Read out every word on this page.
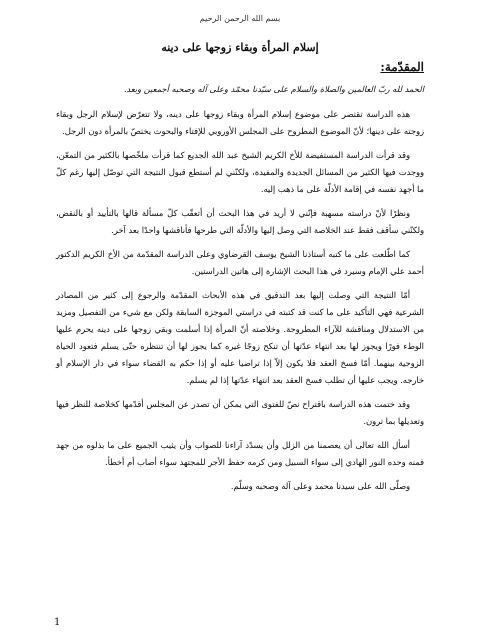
بسم الله الرحمن الرحيم
إسلام المرأة وبقاء زوجها على دينه
المقدّمة:

الحمد لله ربّ العالمين والصلاة والسلام على سيّدنا محمّد وعلى آله وصحبه أجمعين وبعد.

هذه الدراسة تقتصر على موضوع إسلام المرأة وبقاء زوجها على دينه، ولا تتعرّض لإسلام الرجل وبقاء زوجته على دينها؛ لأنّ الموضوع المطروح على المجلس الأوروبي للإفتاء والبحوث يختصّ بالمرأة دون الرجل.

وقد قرأت الدراسة المستفيضة للأخ الكريم الشيخ عبد الله الجديع كما قرأت ملخّصها بالكثير من التمعّن، ووجدت فيها الكثير من المسائل الجديدة والمفيدة، ولكنّني لم أستطع قبول النتيجة التي توصّل إليها رغم كلّ ما أجهد نفسه في إقامة الأدلّة على ما ذهب إليه.

ونظرًا لأنّ دراسته مسهبة فإنّني لا أريد في هذا البحث أن أتعقّب كلّ مسألة قالها بالتأييد أو بالنقض، ولكنّني سأقف فقط عند الخلاصة التي وصل إليها والأدلّة التي طرحها فأناقشها واحدًا بعد آخر.

كما اطّلعت على ما كتبه أستاذنا الشيخ يوسف القرضاوي وعلى الدراسة المقدّمة من الأخ الكريم الدكتور أحمد علي الإمام وسيرد في هذا البحث الإشارة إلى هاتين الدراستين.

أمّا النتيجة التي وصلت إليها بعد التدقيق في هذه الأبحاث المقدّمة والرجوع إلى كثير من المصادر الشرعية فهي التأكيد على ما كنت قد كتبته في دراستي الموجزة السابقة ولكن مع شيء من التفصيل ومزيد من الاستدلال ومناقشة للآراء المطروحة. وخلاصته أنّ المرأة إذا أسلمت وبقي زوجها على دينه يحرم عليها الوطء فورًا ويجوز لها بعد انتهاء عدّتها أن تنكح زوجًا غيره كما يجوز لها أن تنتظره حتّى يسلم فتعود الحياة الزوجية بينهما. أمّا فسخ العقد فلا يكون إلاّ إذا تراضيا عليه أو إذا حكم به القضاء سواء في دار الإسلام أو خارجه. ويجب عليها أن تطلب فسخ العقد بعد انتهاء عدّتها إذا لم يسلم.

وقد ختمت هذه الدراسة باقتراح نصّ للفتوى التي يمكن أن تصدر عن المجلس أقدّمها كخلاصة للنظر فيها وتعديلها بما ترون.

أسأل الله تعالى أن يعصمنا من الزلل وأن يسدّد آراءنا للصواب وأن يثيب الجميع على ما بذلوه من جهد فمنه وحده النور الهادي إلى سواء السبيل ومن كرمه حفظ الأجر للمجتهد سواء أصاب أم أخطأ.

وصلّى الله على سيدنا محمد وعلى آله وصحبه وسلّم.

1
